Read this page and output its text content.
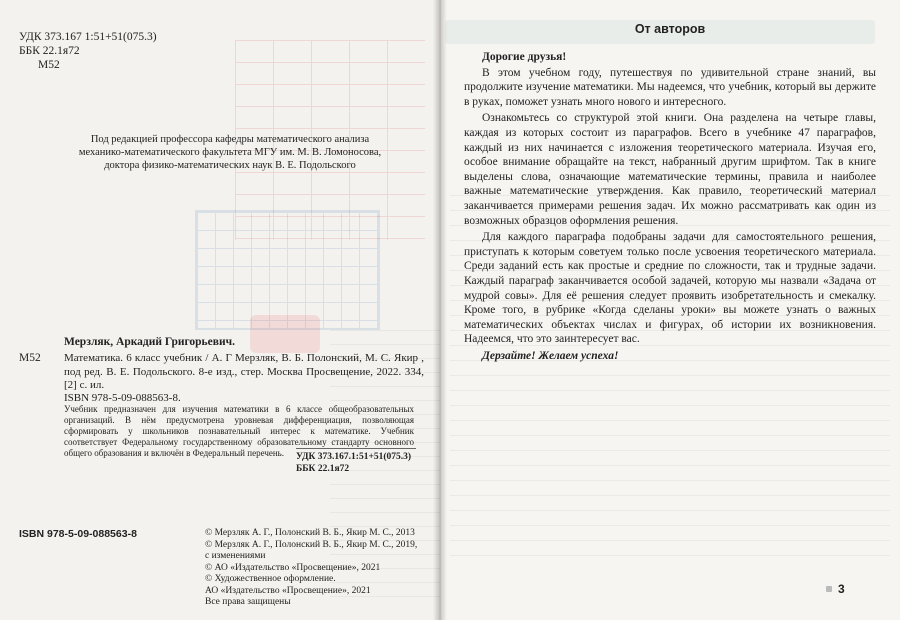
УДК 373.167 1:51+51(075.3)
ББК 22.1я72
М52
Под редакцией профессора кафедры математического анализа
механико-математического факультета МГУ им. М. В. Ломоносова,
доктора физико-математических наук В. Е. Подольского
Мерзляк, Аркадий Григорьевич.
М52 Математика. 6 класс учебник / А. Г Мерзляк, В. Б. Полонский, М. С. Якир , под ред. В. Е. Подольского. 8-е изд., стер. Москва Просвещение, 2022. 334, [2] с. ил.
ISBN 978-5-09-088563-8.
Учебник предназначен для изучения математики в 6 классе общеобразовательных организаций. В нём предусмотрена уровневая дифференциация, позволяющая сформировать у школьников познавательный интерес к математике. Учебник соответствует Федеральному государственному образовательному стандарту основного общего образования и включён в Федеральный перечень.	УДК 373.167.1:51+51(075.3)
ББК 22.1я72
ISBN 978-5-09-088563-8	© Мерзляк А. Г., Полонский В. Б., Якир М. С., 2013
© Мерзляк А. Г., Полонский В. Б., Якир М. С., 2019,
с изменениями
© АО «Издательство «Просвещение», 2021
© Художественное оформление.
АО «Издательство «Просвещение», 2021
Все права защищены
От авторов
Дорогие друзья!

В этом учебном году, путешествуя по удивительной стране знаний, вы продолжите изучение математики. Мы надеемся, что учебник, который вы держите в руках, поможет узнать много нового и интересного.

Ознакомьтесь со структурой этой книги. Она разделена на четыре главы, каждая из которых состоит из параграфов. Всего в учебнике 47 параграфов, каждый из них начинается с изложения теоретического материала. Изучая его, особое внимание обращайте на текст, набранный другим шрифтом. Так в книге выделены слова, означающие математические термины, правила и наиболее важные математические утверждения. Как правило, теоретический материал заканчивается примерами решения задач. Их можно рассматривать как один из возможных образцов оформления решения.

Для каждого параграфа подобраны задачи для самостоятельного решения, приступать к которым советуем только после усвоения теоретического материала. Среди заданий есть как простые и средние по сложности, так и трудные задачи. Каждый параграф заканчивается особой задачей, которую мы назвали «Задача от мудрой совы». Для её решения следует проявить изобретательность и смекалку. Кроме того, в рубрике «Когда сделаны уроки» вы можете узнать о важных математических объектах числах и фигурах, об истории их возникновения. Надеемся, что это заинтересует вас.

Дерзайте! Желаем успеха!

3
